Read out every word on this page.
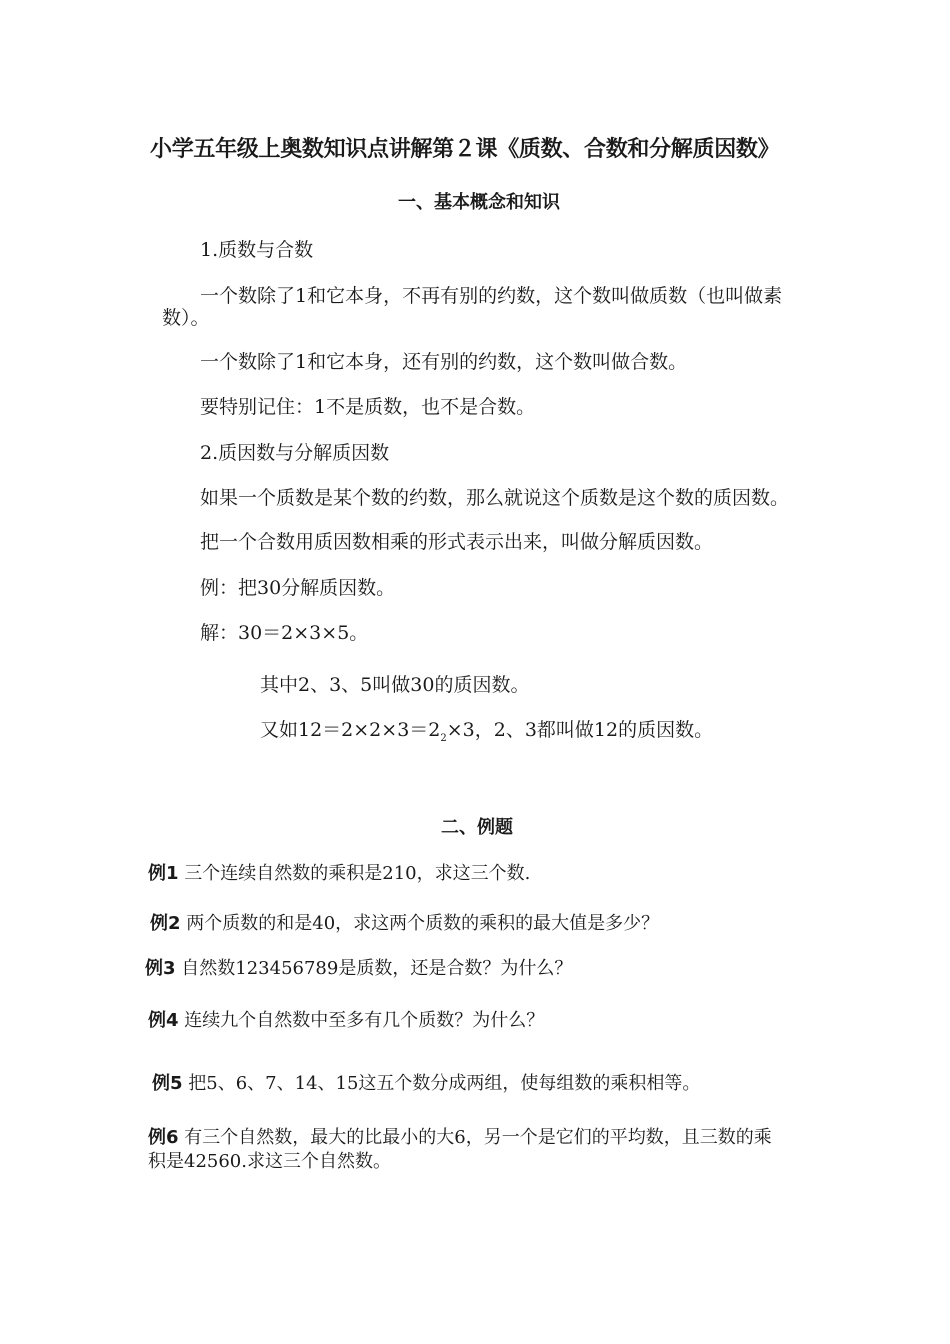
小学五年级上奥数知识点讲解第２课《质数、合数和分解质因数》
一、基本概念和知识
1.质数与合数
一个数除了1和它本身，不再有别的约数，这个数叫做质数（也叫做素
数）。
一个数除了1和它本身，还有别的约数，这个数叫做合数。
要特别记住：1不是质数，也不是合数。
2.质因数与分解质因数
如果一个质数是某个数的约数，那么就说这个质数是这个数的质因数。
把一个合数用质因数相乘的形式表示出来，叫做分解质因数。
例：把30分解质因数。
解：30＝2×3×5。
其中2、3、5叫做30的质因数。
又如$12=2\times 2\times 3=2_2\times 3$，2、3都叫做12的质因数。
二、例题
例1 三个连续自然数的乘积是210，求这三个数.
例2 两个质数的和是40，求这两个质数的乘积的最大值是多少？
例3 自然数123456789是质数，还是合数？为什么？
例4 连续九个自然数中至多有几个质数？为什么？
例5 把5、6、7、14、15这五个数分成两组，使每组数的乘积相等。
例6 有三个自然数，最大的比最小的大6，另一个是它们的平均数，且三数的乘积是42560.求这三个自然数。
